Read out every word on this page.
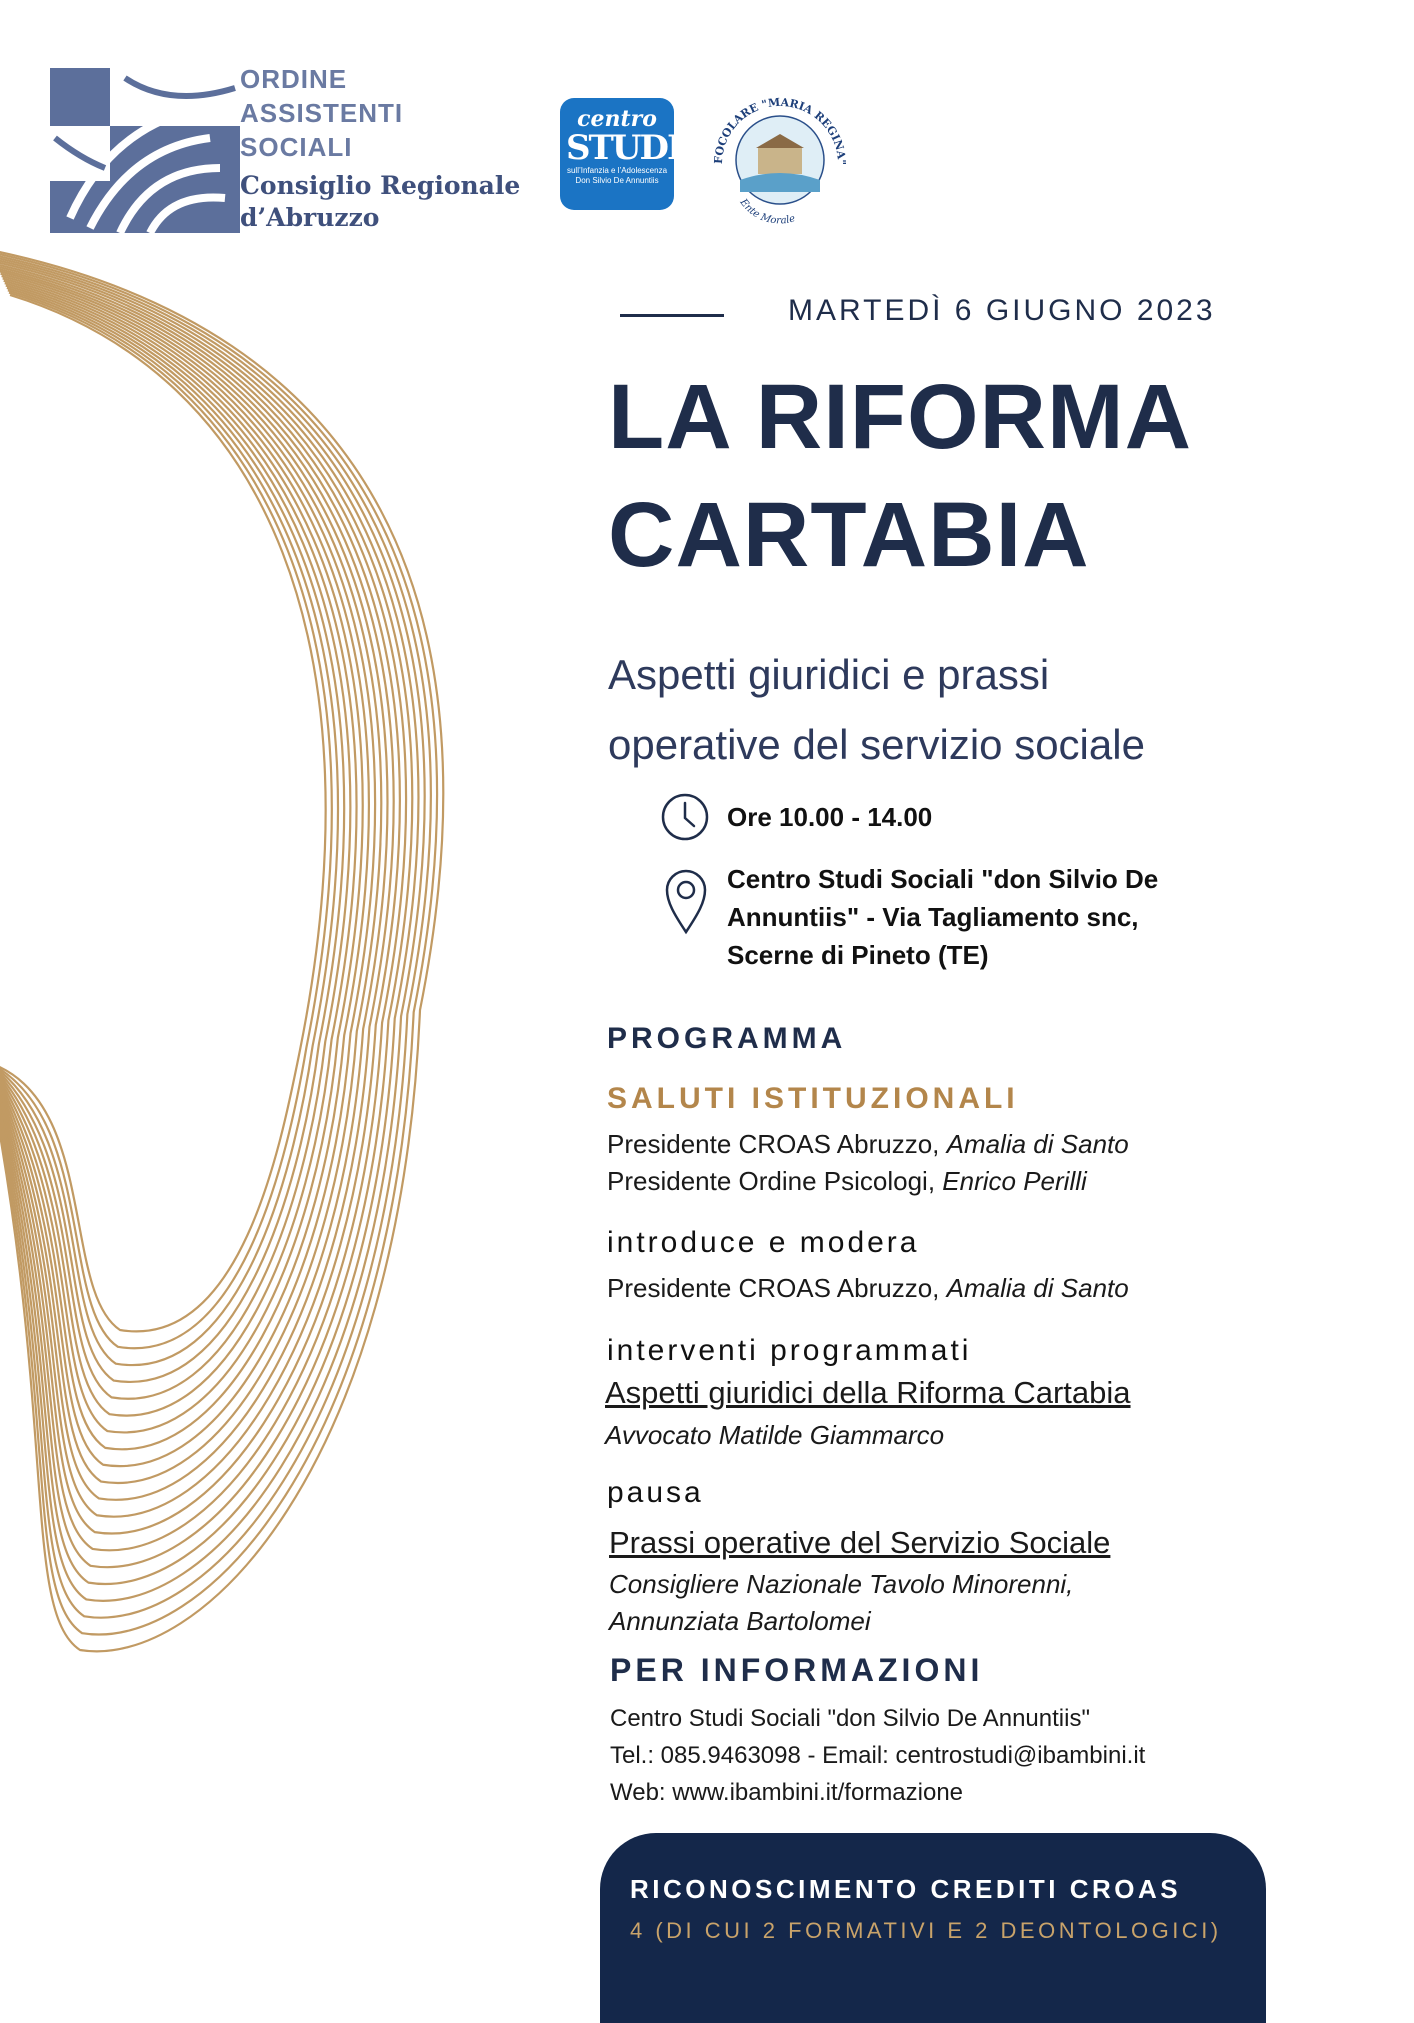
ORDINE
ASSISTENTI
SOCIALI
Consiglio Regionale
d’Abruzzo
centro
STUDI
sull’Infanzia e l’Adolescenza
Don Silvio De Annuntiis
FOCOLARE "MARIA REGINA"
Ente Morale
MARTEDÌ 6 GIUGNO 2023
LA RIFORMA
CARTABIA
Aspetti giuridici e prassi
operative del servizio sociale
Ore 10.00 - 14.00
Centro Studi Sociali "don Silvio De
Annuntiis" - Via Tagliamento snc,
Scerne di Pineto (TE)
PROGRAMMA
SALUTI ISTITUZIONALI
Presidente CROAS Abruzzo, Amalia di Santo
Presidente Ordine Psicologi, Enrico Perilli
introduce e modera
Presidente CROAS Abruzzo, Amalia di Santo
interventi programmati
Aspetti giuridici della Riforma Cartabia
Avvocato Matilde Giammarco
pausa
Prassi operative del Servizio Sociale
Consigliere Nazionale Tavolo Minorenni,
Annunziata Bartolomei
PER INFORMAZIONI
Centro Studi Sociali "don Silvio De Annuntiis"
Tel.: 085.9463098 - Email: centrostudi@ibambini.it
Web: www.ibambini.it/formazione
RICONOSCIMENTO CREDITI CROAS
4 (DI CUI 2 FORMATIVI E 2 DEONTOLOGICI)
